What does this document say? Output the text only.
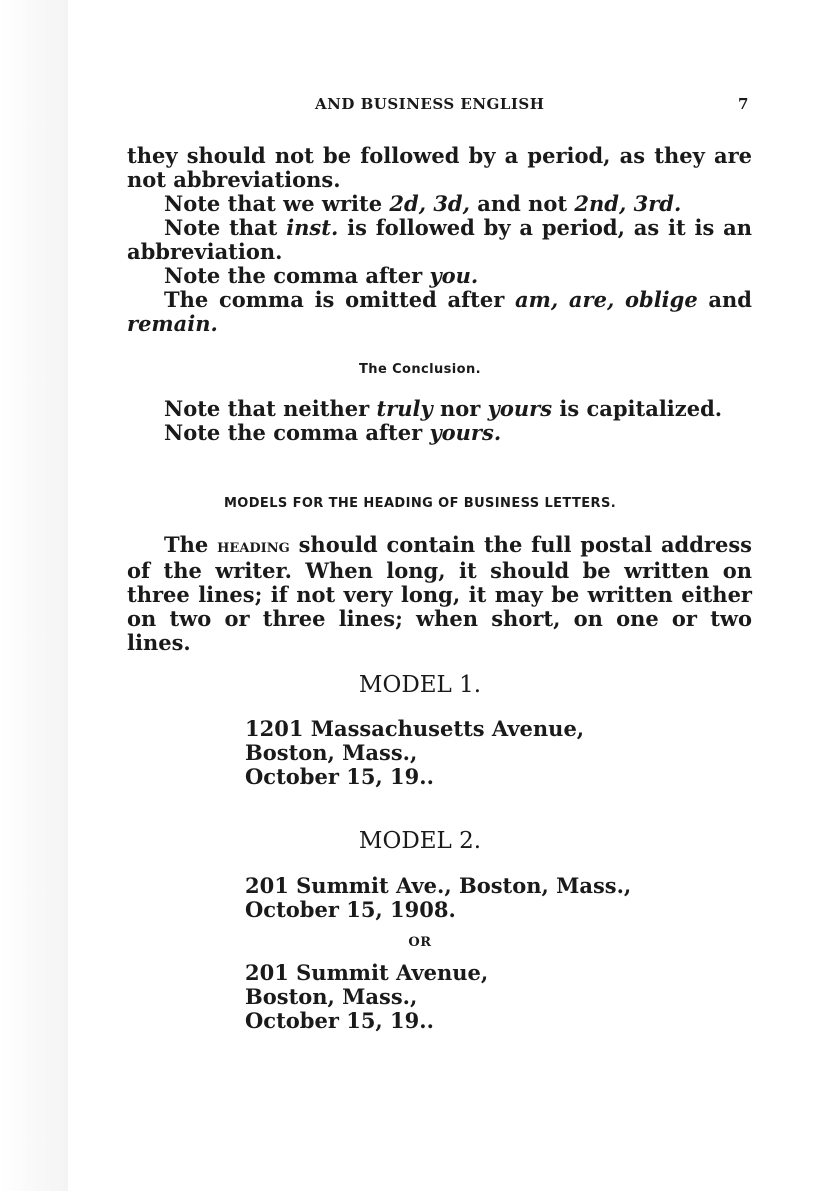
AND BUSINESS ENGLISH	7

they should not be followed by a period, as they are not abbreviations.

Note that we write 2d, 3d, and not 2nd, 3rd.

Note that inst. is followed by a period, as it is an abbreviation.

Note the comma after you.

The comma is omitted after am, are, oblige and remain.

The Conclusion.

Note that neither truly nor yours is capitalized.

Note the comma after yours.

MODELS FOR THE HEADING OF BUSINESS LETTERS.

The heading should contain the full postal address of the writer. When long, it should be written on three lines; if not very long, it may be written either on two or three lines; when short, on one or two lines.

MODEL 1.
1201 Massachusetts Avenue,
Boston, Mass.,
October 15, 19..
MODEL 2.
201 Summit Ave., Boston, Mass.,
October 15, 1908.
OR
201 Summit Avenue,
Boston, Mass.,
October 15, 19..
